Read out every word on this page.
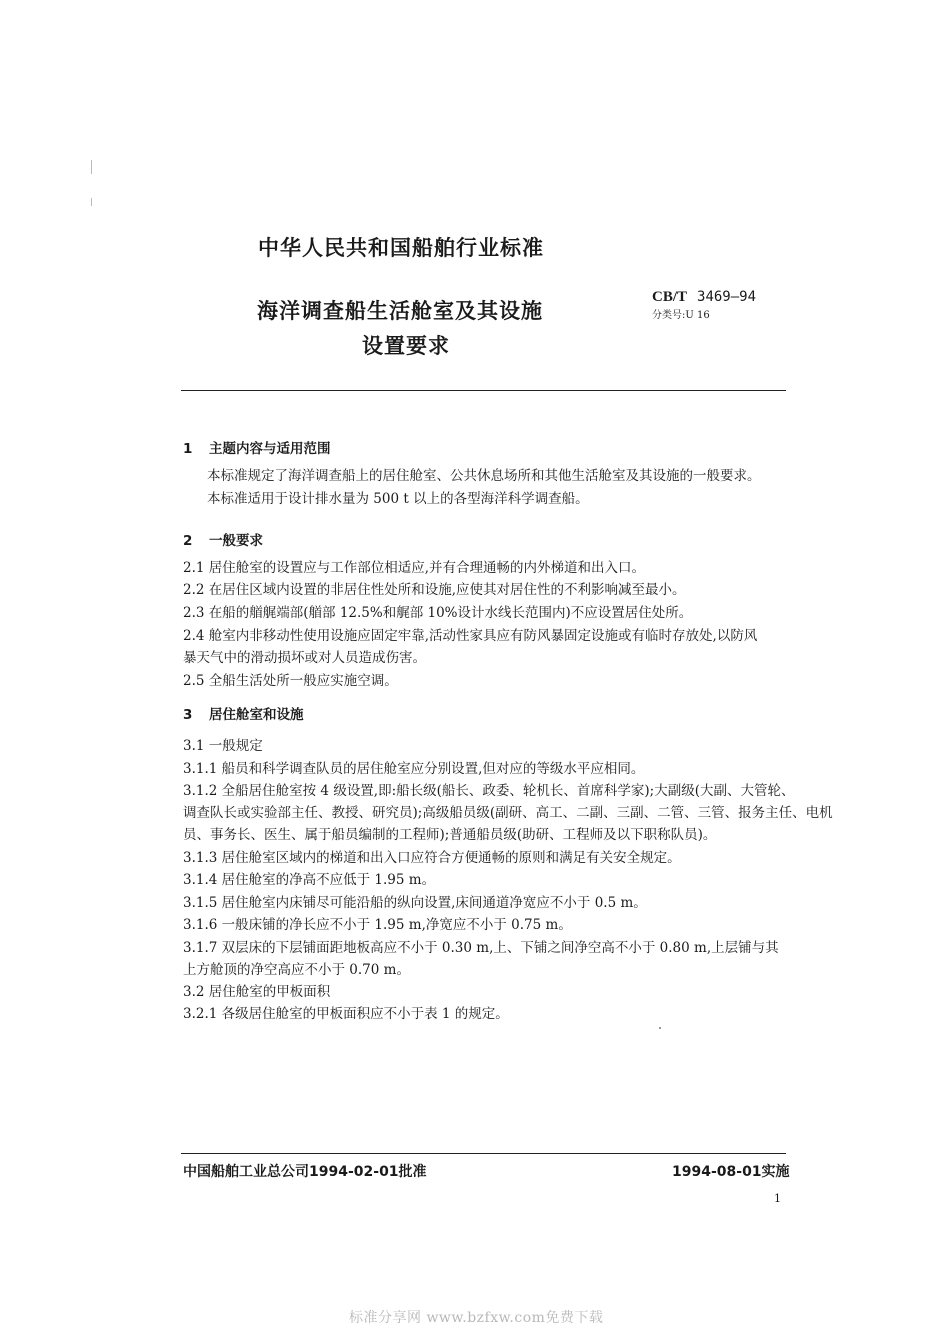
中华人民共和国船舶行业标准
海洋调查船生活舱室及其设施
设置要求
CB/T 3469—94
分类号:U 16
1 主题内容与适用范围
本标准规定了海洋调查船上的居住舱室、公共休息场所和其他生活舱室及其设施的一般要求。
本标准适用于设计排水量为 500 t 以上的各型海洋科学调查船。
2 一般要求
2.1 居住舱室的设置应与工作部位相适应,并有合理通畅的内外梯道和出入口。
2.2 在居住区域内设置的非居住性处所和设施,应使其对居住性的不利影响减至最小。
2.3 在船的艏艉端部(艏部 12.5%和艉部 10%设计水线长范围内)不应设置居住处所。
2.4 舱室内非移动性使用设施应固定牢靠,活动性家具应有防风暴固定设施或有临时存放处,以防风
暴天气中的滑动损坏或对人员造成伤害。
2.5 全船生活处所一般应实施空调。
3 居住舱室和设施
3.1 一般规定
3.1.1 船员和科学调查队员的居住舱室应分别设置,但对应的等级水平应相同。
3.1.2 全船居住舱室按 4 级设置,即:船长级(船长、政委、轮机长、首席科学家);大副级(大副、大管轮、
调查队长或实验部主任、教授、研究员);高级船员级(副研、高工、二副、三副、二管、三管、报务主任、电机
员、事务长、医生、属于船员编制的工程师);普通船员级(助研、工程师及以下职称队员)。
3.1.3 居住舱室区域内的梯道和出入口应符合方便通畅的原则和满足有关安全规定。
3.1.4 居住舱室的净高不应低于 1.95 m。
3.1.5 居住舱室内床铺尽可能沿船的纵向设置,床间通道净宽应不小于 0.5 m。
3.1.6 一般床铺的净长应不小于 1.95 m,净宽应不小于 0.75 m。
3.1.7 双层床的下层铺面距地板高应不小于 0.30 m,上、下铺之间净空高不小于 0.80 m,上层铺与其
上方舱顶的净空高应不小于 0.70 m。
3.2 居住舱室的甲板面积
3.2.1 各级居住舱室的甲板面积应不小于表 1 的规定。
中国船舶工业总公司1994-02-01批准	1994-08-01实施
1
标准分享网 www.bzfxw.com免费下载
